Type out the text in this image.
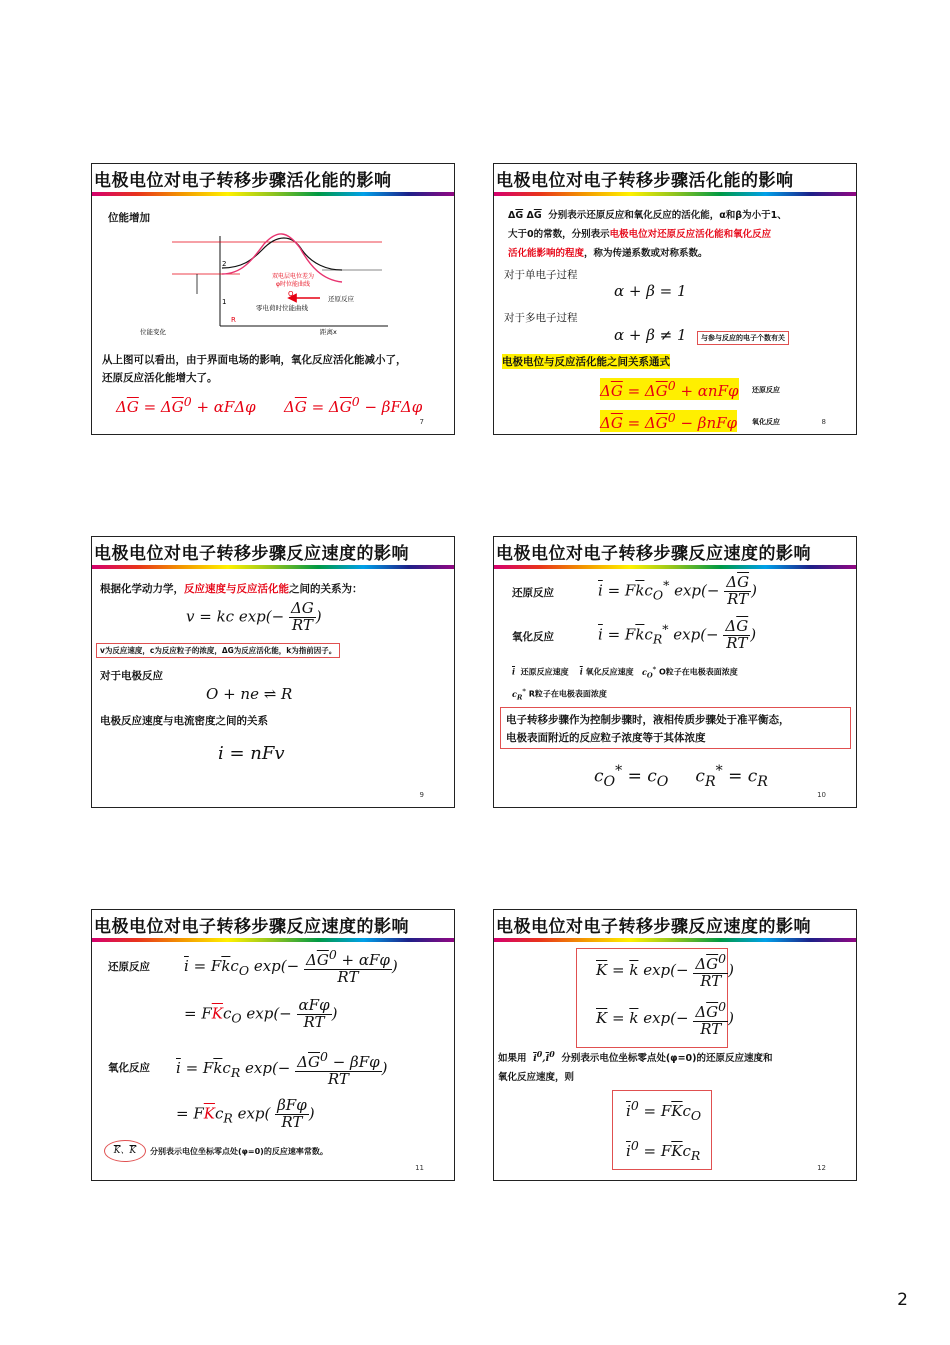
电极电位对电子转移步骤活化能的影响
位能增加
2
1
R
O
双电层电位差为
φ时位能曲线
零电荷时位能曲线
还原反应
距离x
位能变化
从上图可以看出，由于界面电场的影响，氧化反应活化能减小了，
还原反应活化能增大了。
$\Delta\overline{G} = \Delta\overline{G}^0 + \alpha F\Delta\varphi$ $\Delta\overline{G} = \Delta\overline{G}^0 - \beta F\Delta\varphi$
7
电极电位对电子转移步骤活化能的影响
$\Delta\overline{G}$ $\Delta\overline{G}$ 分别表示还原反应和氧化反应的活化能，α和β为小于1、
大于0的常数，分别表示电极电位对还原反应活化能和氧化反应
活化能影响的程度，称为传递系数或对称系数。
对于单电子过程
α + β = 1
对于多电子过程
α + β ≠ 1	与参与反应的电子个数有关
电极电位与反应活化能之间关系通式
$\Delta\overline{G} = \Delta\overline{G}^0 + \alpha nF\varphi$ 还原反应
$\Delta\overline{G} = \Delta\overline{G}^0 - \beta nF\varphi$ 氧化反应	8
电极电位对电子转移步骤反应速度的影响
根据化学动力学，反应速度与反应活化能之间的关系为：
v = kc $\exp(- \frac{\Delta G}{RT}$ )
v为反应速度，c为反应粒子的浓度，ΔG为反应活化能，k为指前因子。
对于电极反应
O + ne ⇌ R
电极反应速度与电流密度之间的关系
i = nFv
9
电极电位对电子转移步骤反应速度的影响
还原反应	$\overline{i} = F\overline{k}c_O^*$ $\exp(- \frac{\Delta\overline{G}}{RT}$ )
氧化反应	$\overline{i} = F\overline{k}c_R^*$ $\exp(- \frac{\Delta\overline{G}}{RT}$ )
$\overline{i}$ 还原反应速度 $\overline{i}$ 氧化反应速度 $c_O^*$ O粒子在电极表面浓度
$c_R^*$ R粒子在电极表面浓度
电子转移步骤作为控制步骤时，液相传质步骤处于准平衡态，
电极表面附近的反应粒子浓度等于其体浓度
$c_O^* = c_O$     $c_R^* = c_R$
10
电极电位对电子转移步骤反应速度的影响
还原反应 $\overline{i} = F\overline{k}c_O$ $\exp(- \frac{\Delta\overline{G}^0 + \alpha F\varphi}{RT}$ )
= $F\overline{K}c_O$ $\exp(- \frac{\text{αFφ}}{RT}$ )
氧化反应 $\overline{i} = F\overline{k}c_R$ $\exp(- \frac{\Delta\overline{G}^0 - \beta F\varphi}{RT}$ )
= $F\overline{K}c_R$ $\exp( \frac{\text{βFφ}}{RT}$ )
$\overline{K}$、$\overline{K}$	分别表示电位坐标零点处(φ=0)的反应速率常数。
11
电极电位对电子转移步骤反应速度的影响
$\overline{K} = \overline{k}$ $\exp(- \frac{\Delta\overline{G}^0}{RT}$ )
$\overline{K} = \overline{k}$ $\exp(- \frac{\Delta\overline{G}^0}{RT}$ )
如果用 $\overline{i}^0,\overline{i}^0$ 分别表示电位坐标零点处(φ=0)的还原反应速度和
氧化反应速度，则
$\overline{i}^0 = F\overline{K}c_O$
$\overline{i}^0 = F\overline{K}c_R$
12
2
